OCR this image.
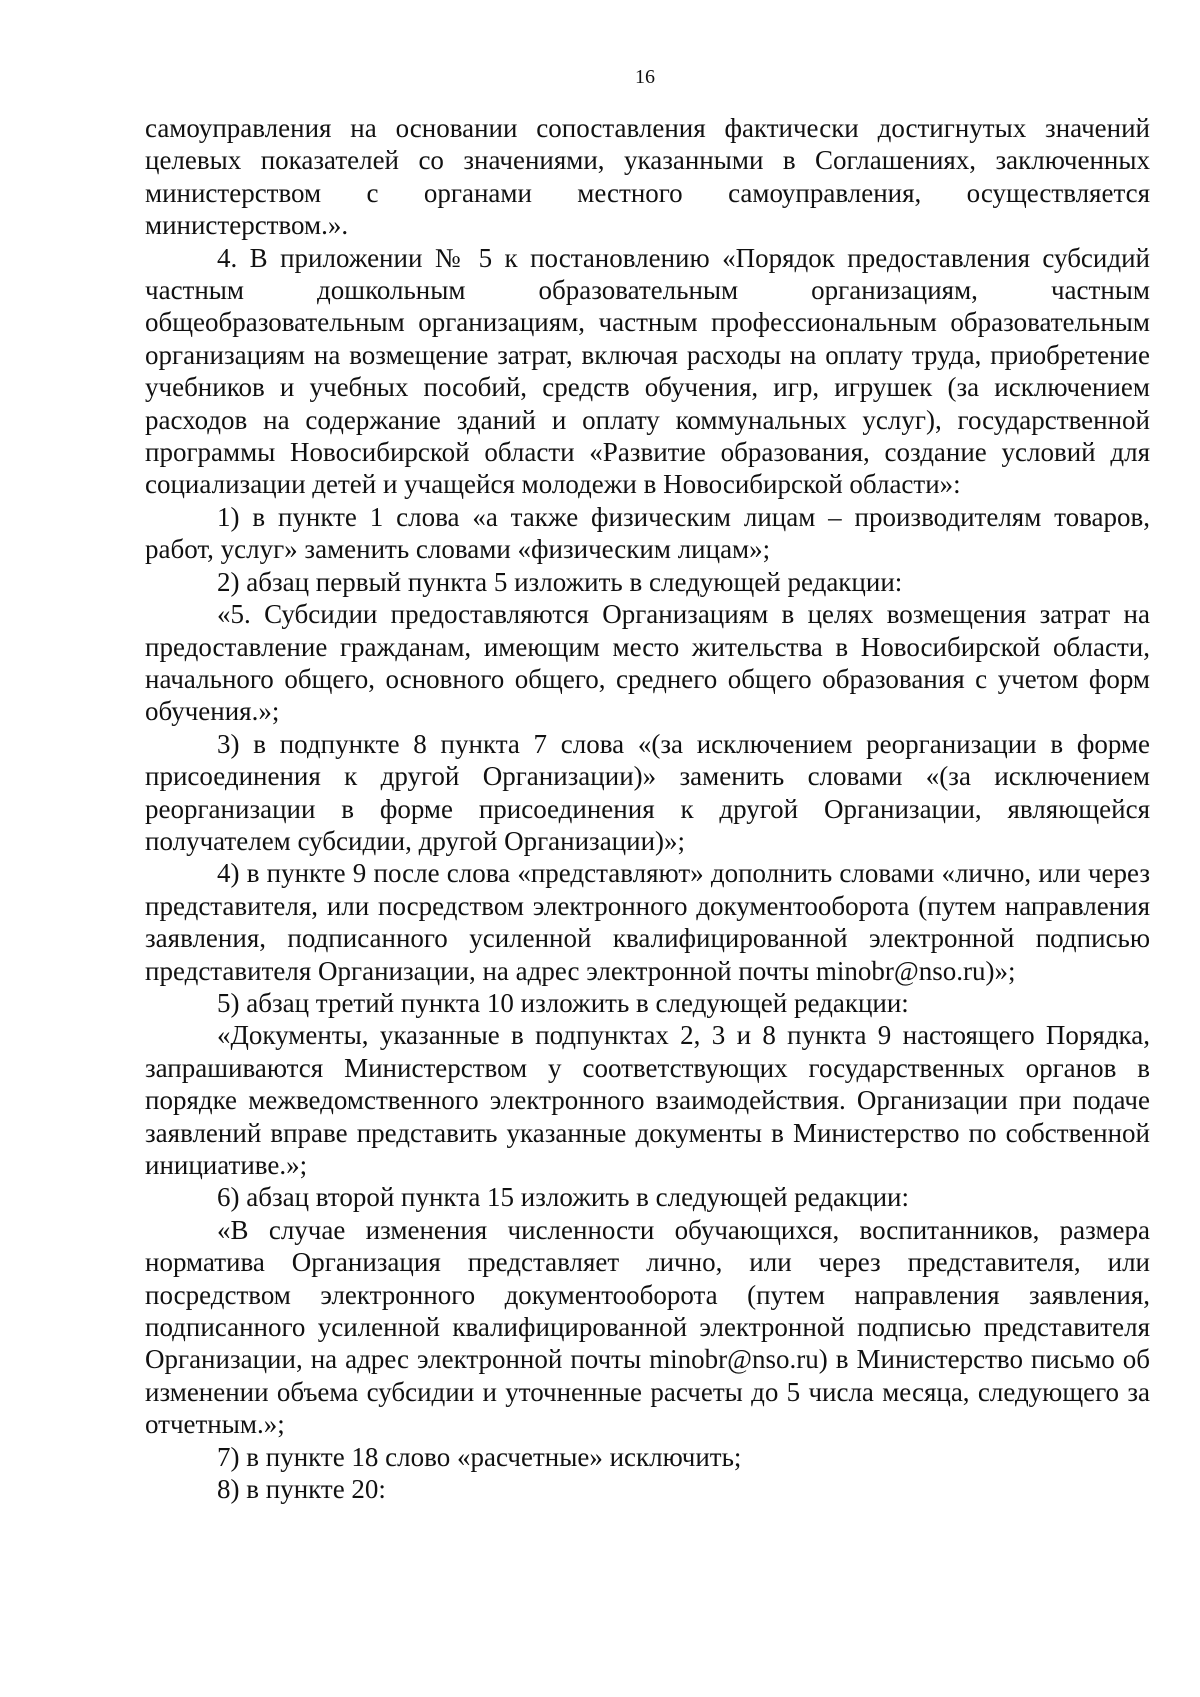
16

самоуправления на основании сопоставления фактически достигнутых значений целевых показателей со значениями, указанными в Соглашениях, заключенных министерством с органами местного самоуправления, осуществляется министерством.».

4. В приложении № 5 к постановлению «Порядок предоставления субсидий частным дошкольным образовательным организациям, частным общеобразовательным организациям, частным профессиональным образовательным организациям на возмещение затрат, включая расходы на оплату труда, приобретение учебников и учебных пособий, средств обучения, игр, игрушек (за исключением расходов на содержание зданий и оплату коммунальных услуг), государственной программы Новосибирской области «Развитие образования, создание условий для социализации детей и учащейся молодежи в Новосибирской области»:

1) в пункте 1 слова «а также физическим лицам – производителям товаров, работ, услуг» заменить словами «физическим лицам»;

2) абзац первый пункта 5 изложить в следующей редакции:

«5. Субсидии предоставляются Организациям в целях возмещения затрат на предоставление гражданам, имеющим место жительства в Новосибирской области, начального общего, основного общего, среднего общего образования с учетом форм обучения.»;

3) в подпункте 8 пункта 7 слова «(за исключением реорганизации в форме присоединения к другой Организации)» заменить словами «(за исключением реорганизации в форме присоединения к другой Организации, являющейся получателем субсидии, другой Организации)»;

4) в пункте 9 после слова «представляют» дополнить словами «лично, или через представителя, или посредством электронного документооборота (путем направления заявления, подписанного усиленной квалифицированной электронной подписью представителя Организации, на адрес электронной почты minobr@nso.ru)»;

5) абзац третий пункта 10 изложить в следующей редакции:

«Документы, указанные в подпунктах 2, 3 и 8 пункта 9 настоящего Порядка, запрашиваются Министерством у соответствующих государственных органов в порядке межведомственного электронного взаимодействия. Организации при подаче заявлений вправе представить указанные документы в Министерство по собственной инициативе.»;

6) абзац второй пункта 15 изложить в следующей редакции:

«В случае изменения численности обучающихся, воспитанников, размера норматива Организация представляет лично, или через представителя, или посредством электронного документооборота (путем направления заявления, подписанного усиленной квалифицированной электронной подписью представителя Организации, на адрес электронной почты minobr@nso.ru) в Министерство письмо об изменении объема субсидии и уточненные расчеты до 5 числа месяца, следующего за отчетным.»;

7) в пункте 18 слово «расчетные» исключить;

8) в пункте 20:
